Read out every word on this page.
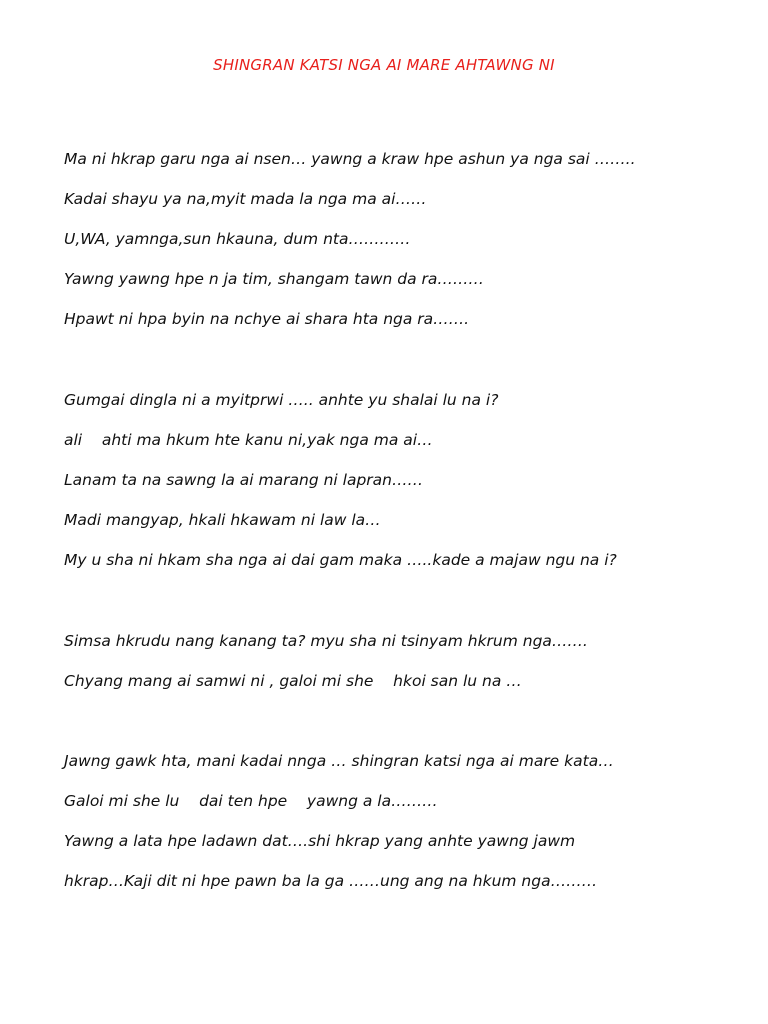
SHINGRAN KATSI NGA AI MARE AHTAWNG NI
Ma ni hkrap garu nga ai nsen… yawng a kraw hpe ashun ya nga sai ……..
Kadai shayu ya na,myit mada la nga ma ai……
U,WA, yamnga,sun hkauna, dum nta…………
Yawng yawng hpe n ja tim, shangam tawn da ra………
Hpawt ni hpa byin na nchye ai shara hta nga ra…….
Gumgai dingla ni a myitprwi ….. anhte yu shalai lu na i?
ali    ahti ma hkum hte kanu ni,yak nga ma ai…
Lanam ta na sawng la ai marang ni lapran……
Madi mangyap, hkali hkawam ni law la…
My u sha ni hkam sha nga ai dai gam maka …..kade a majaw ngu na i?
Simsa hkrudu nang kanang ta? myu sha ni tsinyam hkrum nga…….
Chyang mang ai samwi ni , galoi mi she    hkoi san lu na …
Jawng gawk hta, mani kadai nnga … shingran katsi nga ai mare kata…
Galoi mi she lu    dai ten hpe    yawng a la………
Yawng a lata hpe ladawn dat….shi hkrap yang anhte yawng jawm
hkrap…Kaji dit ni hpe pawn ba la ga ……ung ang na hkum nga………
